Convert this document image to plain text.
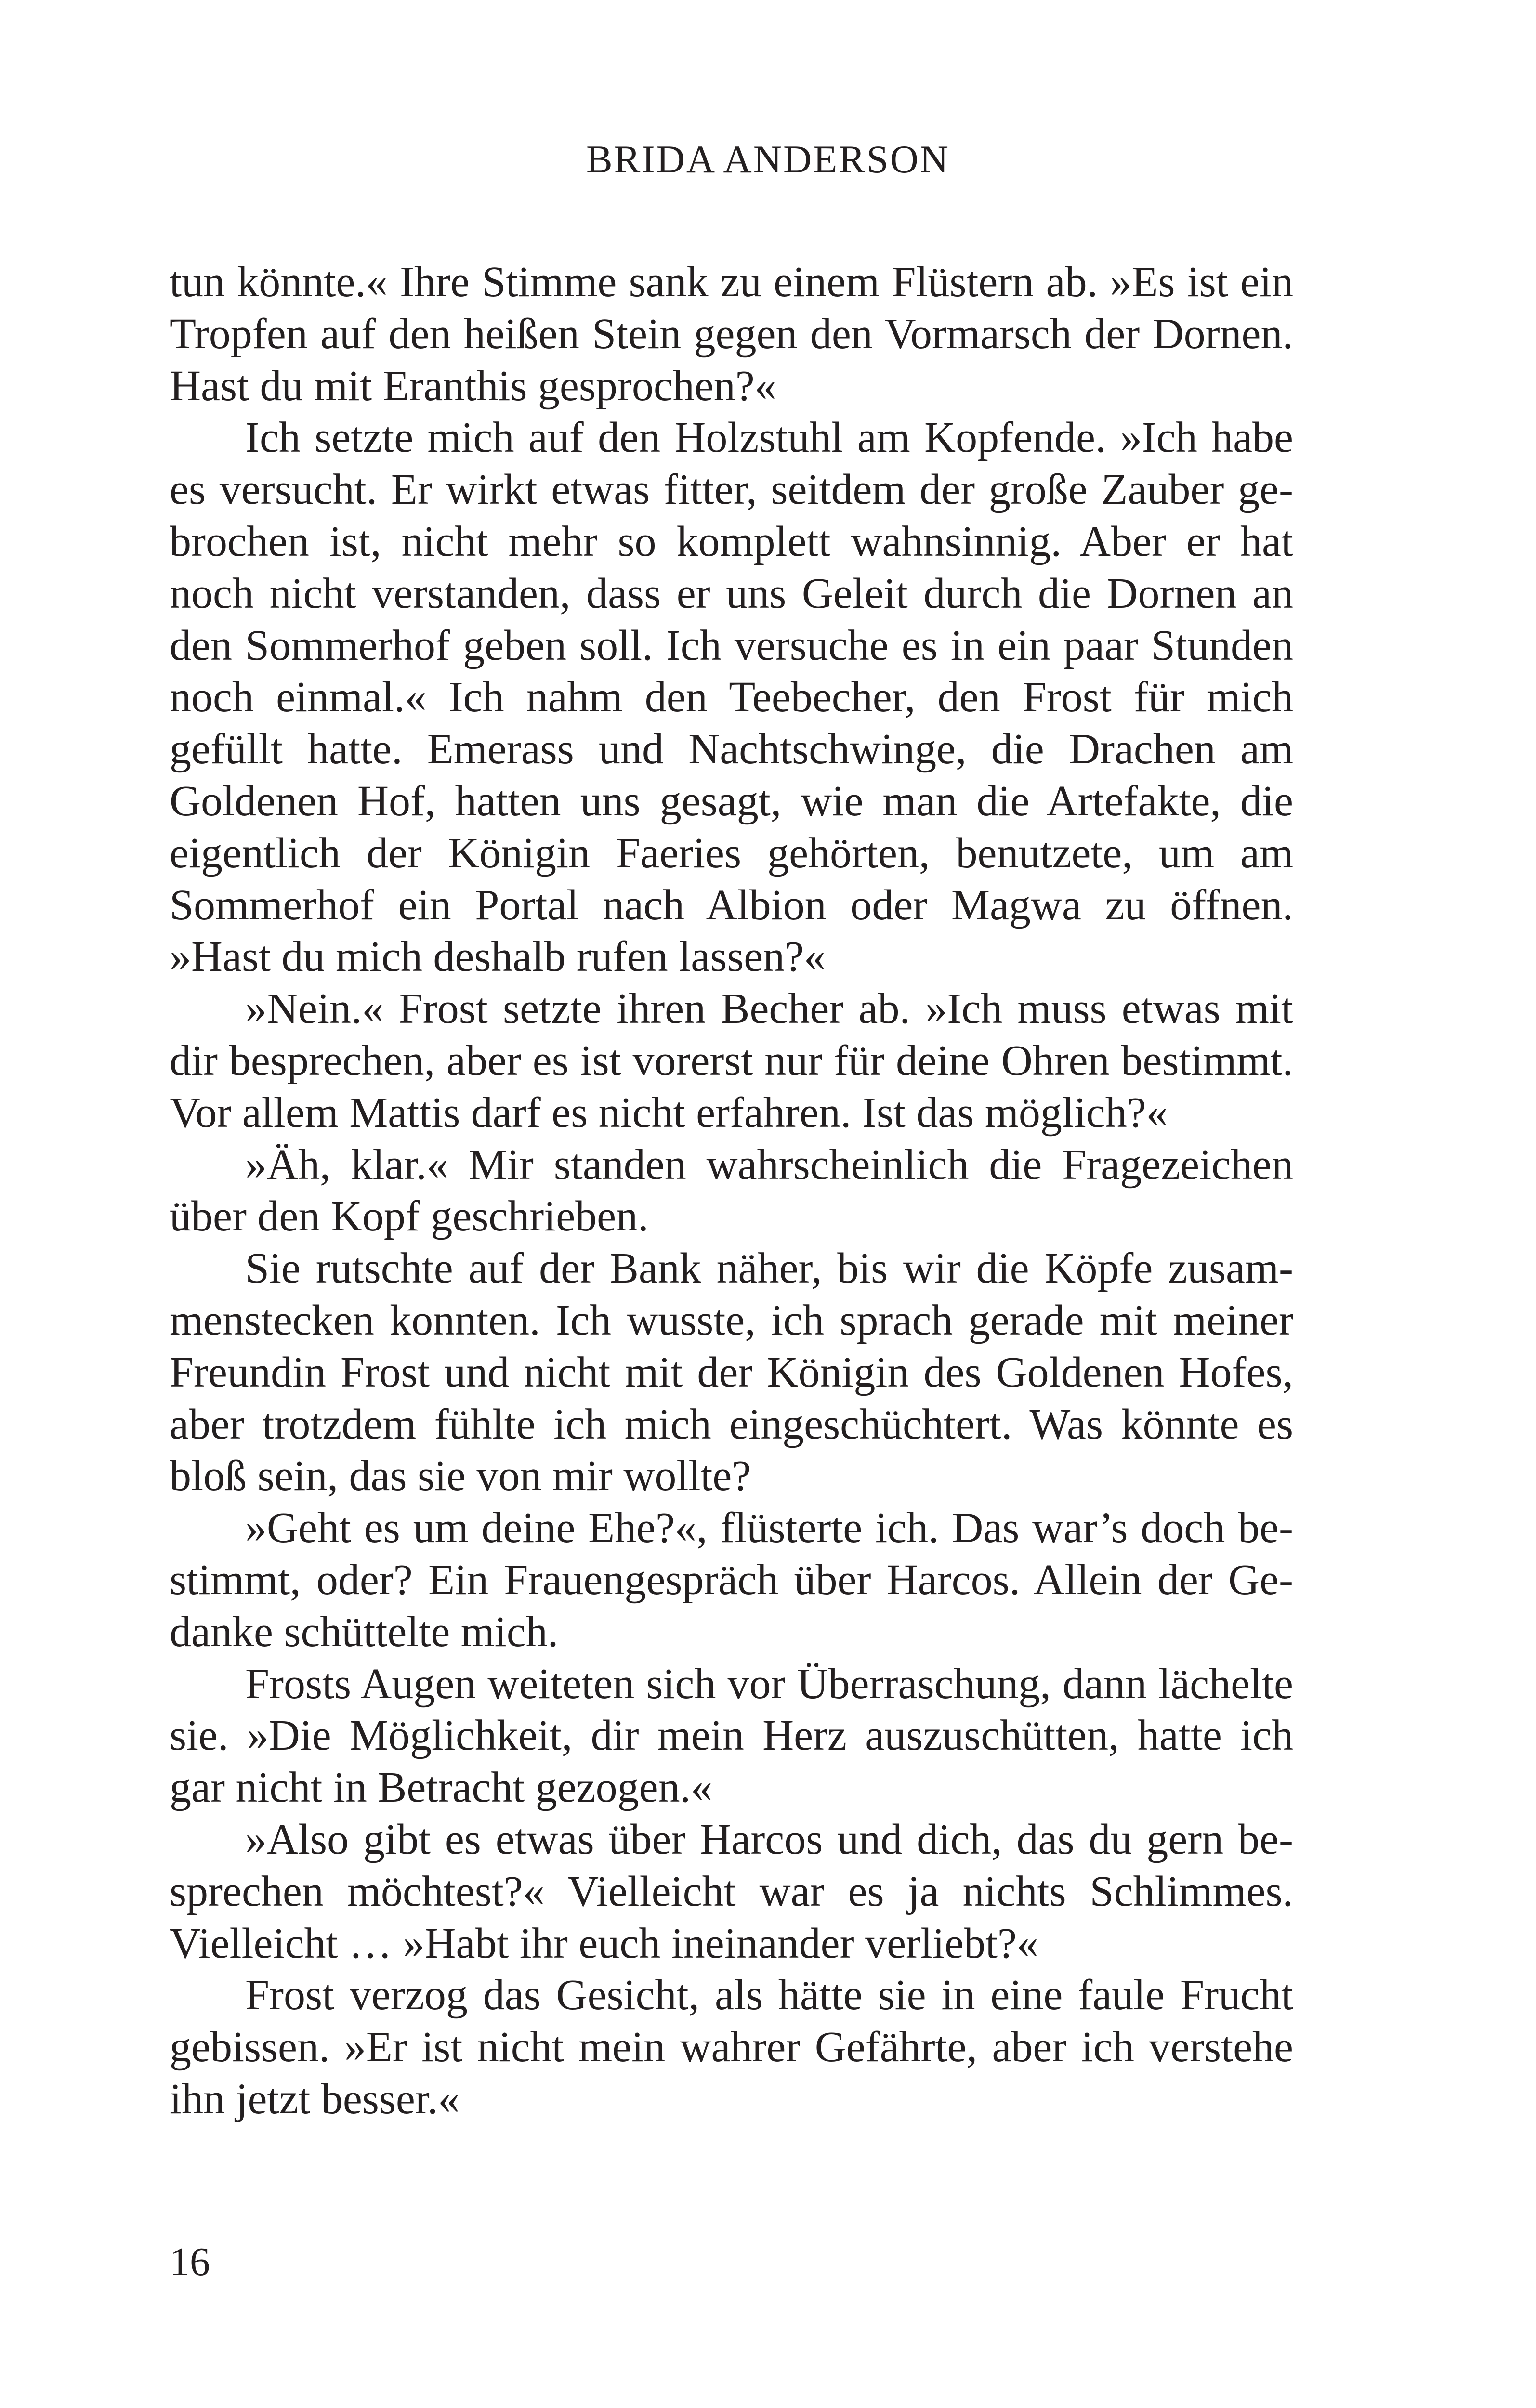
BRIDA ANDERSON

tun könnte.« Ihre Stimme sank zu einem Flüstern ab. »Es ist ein Tropfen auf den heißen Stein gegen den Vormarsch der Dornen. Hast du mit Eranthis gesprochen?«

Ich setzte mich auf den Holzstuhl am Kopfende. »Ich habe es versucht. Er wirkt etwas fitter, seitdem der große Zauber gebrochen ist, nicht mehr so komplett wahnsinnig. Aber er hat noch nicht verstanden, dass er uns Geleit durch die Dornen an den Sommerhof geben soll. Ich versuche es in ein paar Stunden noch einmal.« Ich nahm den Teebecher, den Frost für mich gefüllt hatte. Emerass und Nachtschwinge, die Drachen am Goldenen Hof, hatten uns gesagt, wie man die Artefakte, die eigentlich der Königin Faeries gehörten, benutzete, um am Sommerhof ein Portal nach Albion oder Magwa zu öffnen. »Hast du mich deshalb rufen lassen?«

»Nein.« Frost setzte ihren Becher ab. »Ich muss etwas mit dir besprechen, aber es ist vorerst nur für deine Ohren bestimmt. Vor allem Mattis darf es nicht erfahren. Ist das möglich?«

»Äh, klar.« Mir standen wahrscheinlich die Fragezeichen über den Kopf geschrieben.

Sie rutschte auf der Bank näher, bis wir die Köpfe zusammenstecken konnten. Ich wusste, ich sprach gerade mit meiner Freundin Frost und nicht mit der Königin des Goldenen Hofes, aber trotzdem fühlte ich mich eingeschüchtert. Was könnte es bloß sein, das sie von mir wollte?

»Geht es um deine Ehe?«, flüsterte ich. Das war’s doch bestimmt, oder? Ein Frauengespräch über Harcos. Allein der Gedanke schüttelte mich.

Frosts Augen weiteten sich vor Überraschung, dann lächelte sie. »Die Möglichkeit, dir mein Herz auszuschütten, hatte ich gar nicht in Betracht gezogen.«

»Also gibt es etwas über Harcos und dich, das du gern besprechen möchtest?« Vielleicht war es ja nichts Schlimmes. Vielleicht … »Habt ihr euch ineinander verliebt?«

Frost verzog das Gesicht, als hätte sie in eine faule Frucht gebissen. »Er ist nicht mein wahrer Gefährte, aber ich verstehe ihn jetzt besser.«

16
